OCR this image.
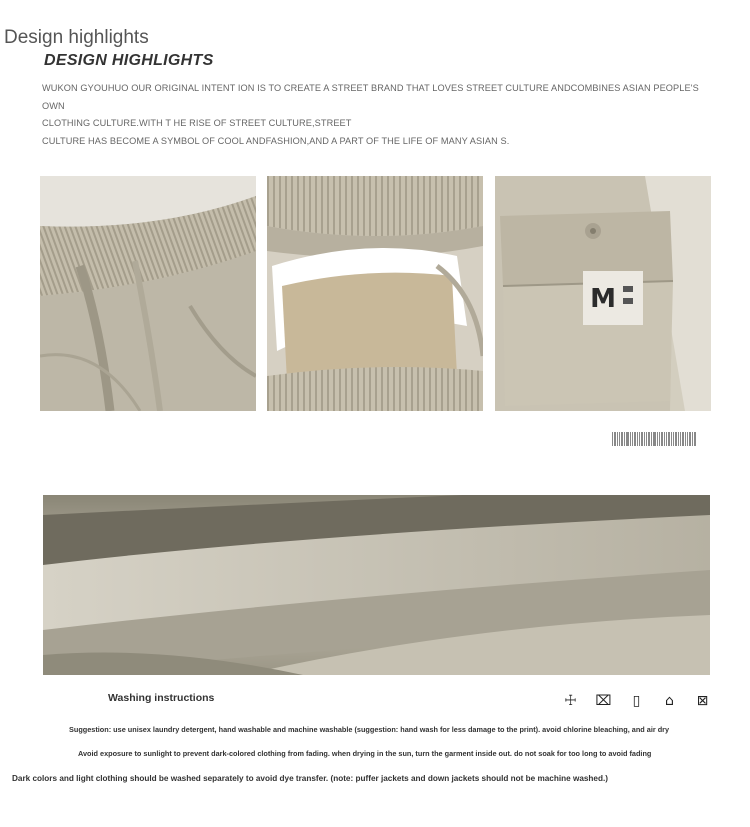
Design highlights
DESIGN HIGHLIGHTS
WUKON GYOUHUO OUR ORIGINAL INTENT ION IS TO CREATE A STREET BRAND THAT LOVES STREET CULTURE ANDCOMBINES ASIAN PEOPLE'S OWN
CLOTHING CULTURE.WITH T HE RISE OF STREET CULTURE,STREET
CULTURE HAS BECOME A SYMBOL OF COOL ANDFASHION,AND A PART OF THE LIFE OF MANY ASIAN S.
M
Washing instructions	☩ ⌧	▯	⌂ ⊠
Suggestion: use unisex laundry detergent, hand washable and machine washable (suggestion: hand wash for less damage to the print). avoid chlorine bleaching, and air dry
Avoid exposure to sunlight to prevent dark-colored clothing from fading. when drying in the sun, turn the garment inside out. do not soak for too long to avoid fading
Dark colors and light clothing should be washed separately to avoid dye transfer. (note: puffer jackets and down jackets should not be machine washed.)
